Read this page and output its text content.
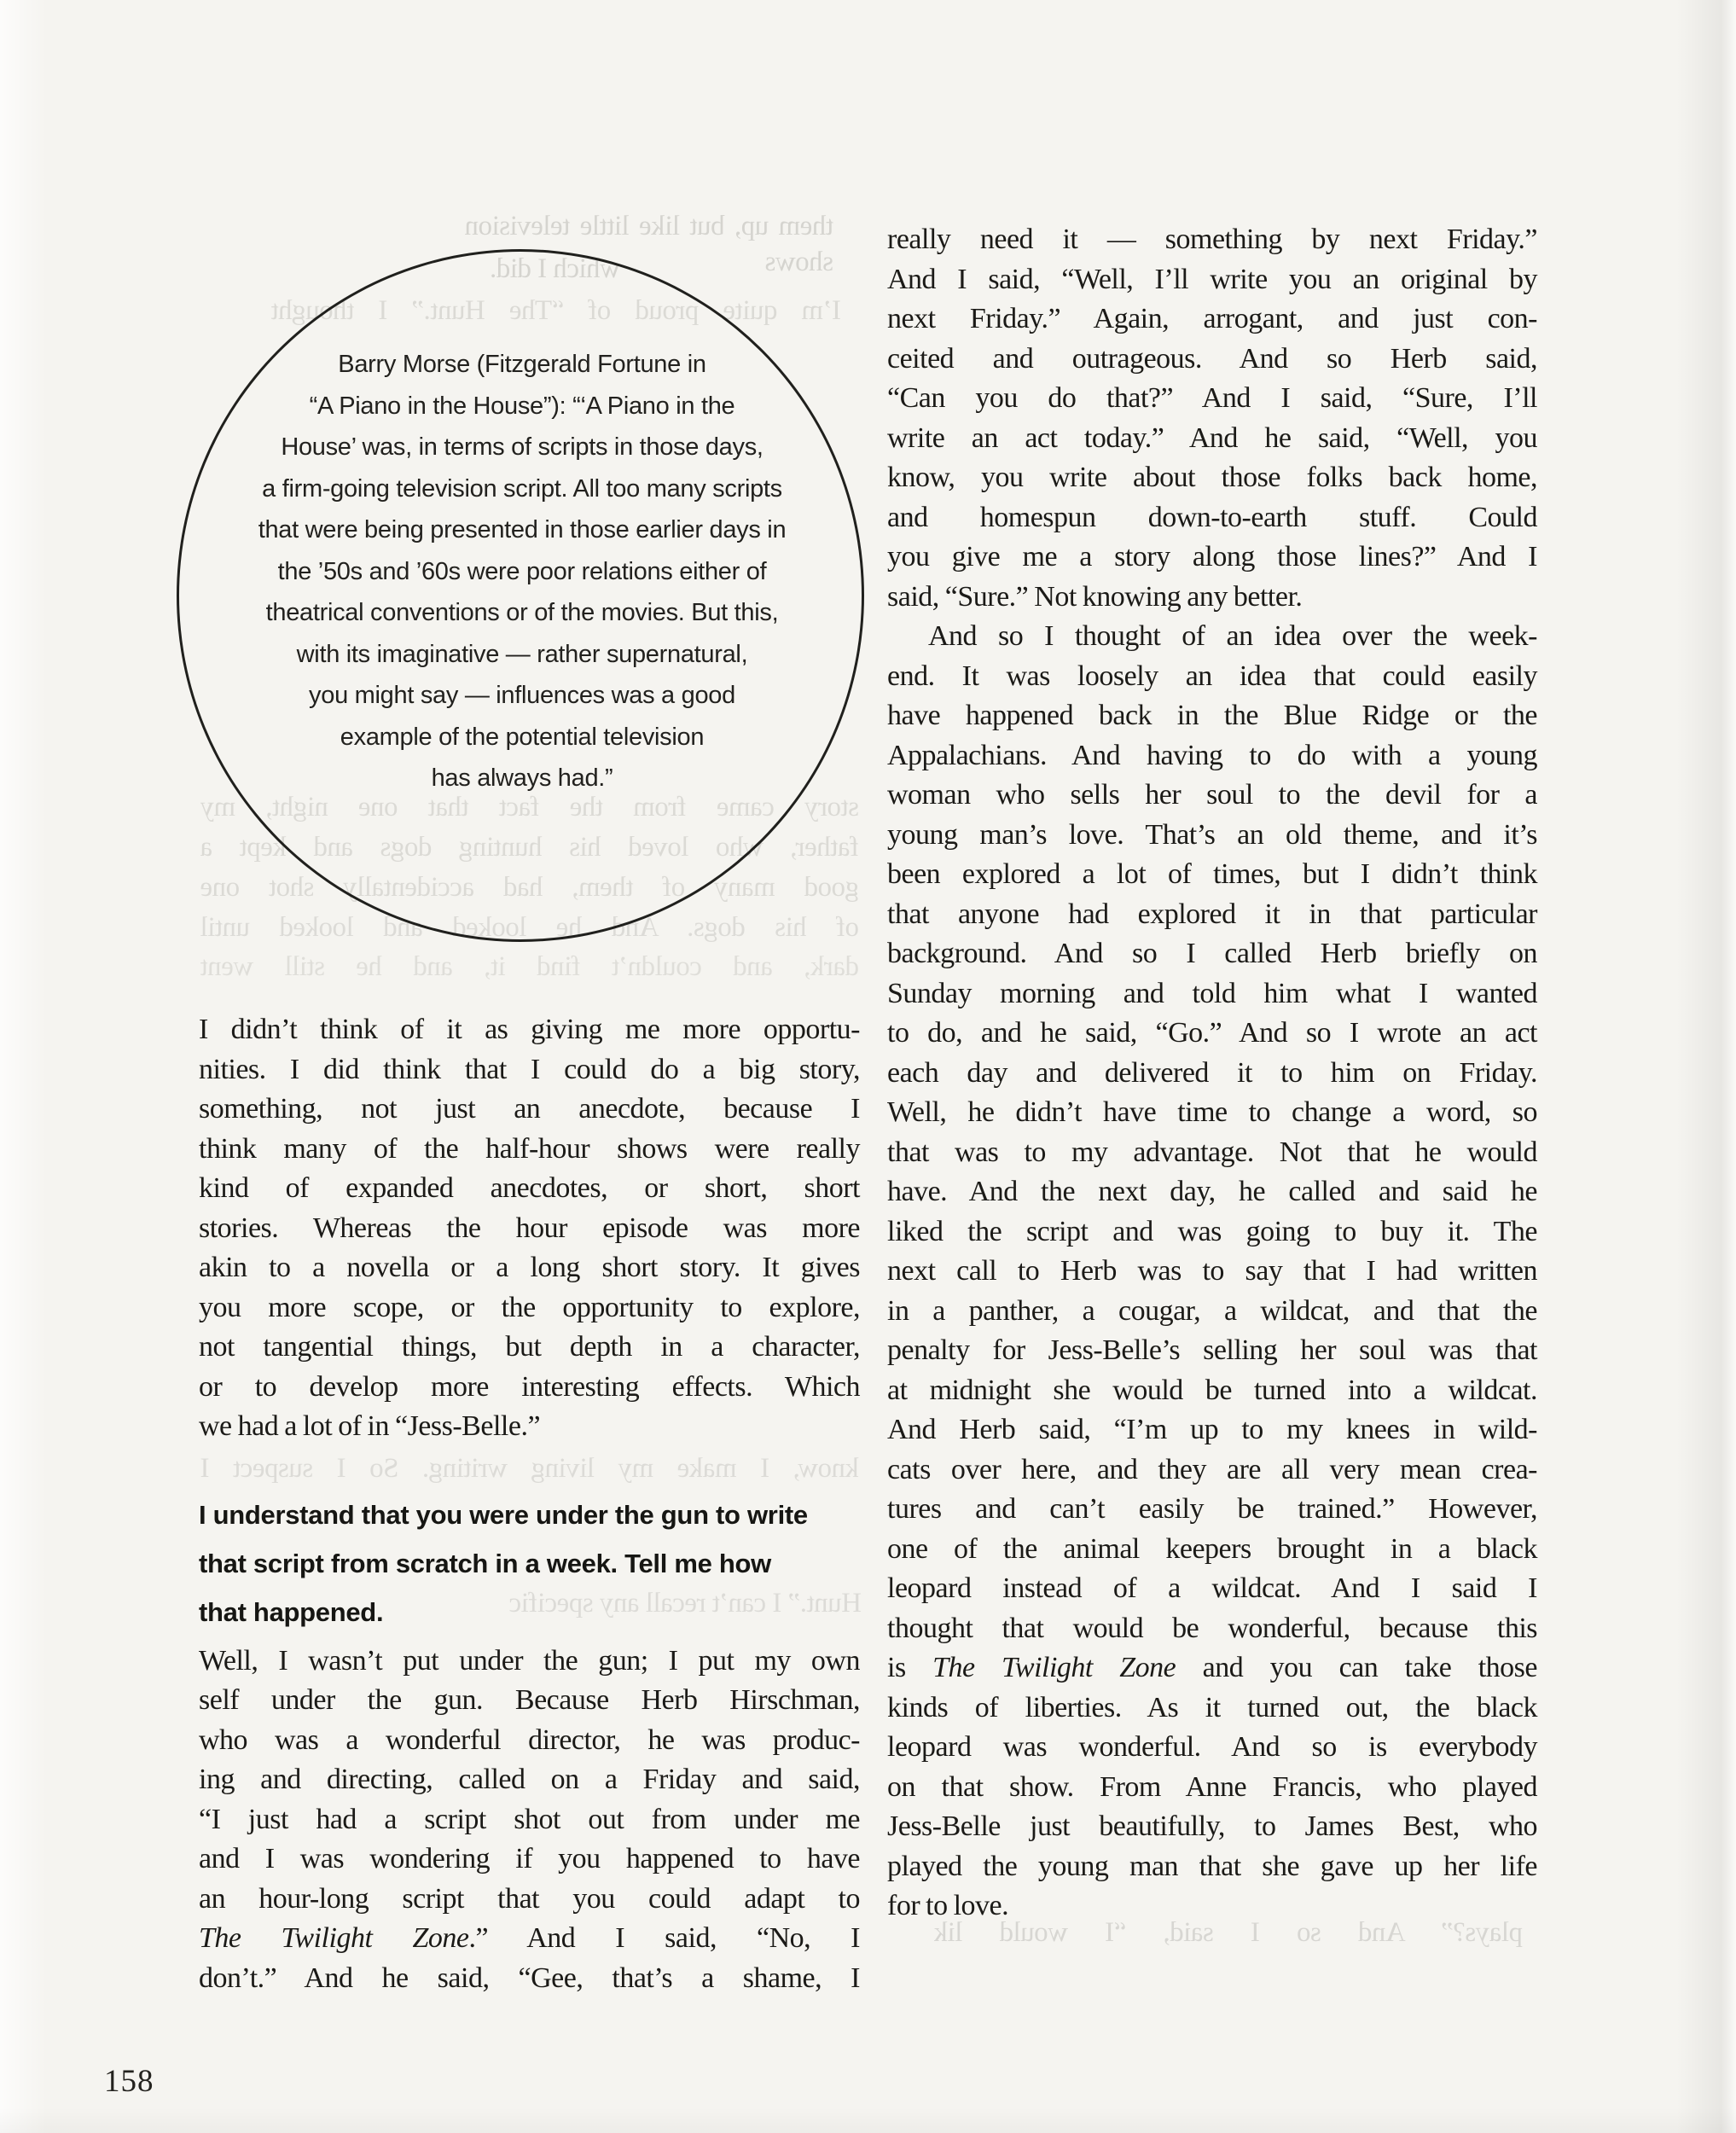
them up, but like little television shows
which I did.
I’m quite proud of “The Hunt.” I thought
story came from the fact that one night, my
father, who loved his hunting dogs and kept a
good many of them, had accidentally shot one
of his dogs. And he looked and looked until
dark, and couldn’t find it, and he still went
know, I make my living writing. So I suspect I
Hunt.” I can’t recall any specific
plays?” And so I said, “I would lik
Barry Morse (Fitzgerald Fortune in
“A Piano in the House”): “‘A Piano in the
House’ was, in terms of scripts in those days,
a firm-going television script. All too many scripts
that were being presented in those earlier days in
the ’50s and ’60s were poor relations either of
theatrical conventions or of the movies. But this,
with its imaginative — rather supernatural,
you might say — influences was a good
example of the potential television
has always had.”
I didn’t think of it as giving me more opportu-
nities. I did think that I could do a big story,
something, not just an anecdote, because I
think many of the half-hour shows were really
kind of expanded anecdotes, or short, short
stories. Whereas the hour episode was more
akin to a novella or a long short story. It gives
you more scope, or the opportunity to explore,
not tangential things, but depth in a character,
or to develop more interesting effects. Which
we had a lot of in “Jess-Belle.”
I understand that you were under the gun to write
that script from scratch in a week. Tell me how
that happened.
Well, I wasn’t put under the gun; I put my own
self under the gun. Because Herb Hirschman,
who was a wonderful director, he was produc-
ing and directing, called on a Friday and said,
“I just had a script shot out from under me
and I was wondering if you happened to have
an hour-long script that you could adapt to
The Twilight Zone.” And I said, “No, I
don’t.” And he said, “Gee, that’s a shame, I
really need it — something by next Friday.”
And I said, “Well, I’ll write you an original by
next Friday.” Again, arrogant, and just con-
ceited and outrageous. And so Herb said,
“Can you do that?” And I said, “Sure, I’ll
write an act today.” And he said, “Well, you
know, you write about those folks back home,
and homespun down-to-earth stuff. Could
you give me a story along those lines?” And I
said, “Sure.” Not knowing any better.
And so I thought of an idea over the week-
end. It was loosely an idea that could easily
have happened back in the Blue Ridge or the
Appalachians. And having to do with a young
woman who sells her soul to the devil for a
young man’s love. That’s an old theme, and it’s
been explored a lot of times, but I didn’t think
that anyone had explored it in that particular
background. And so I called Herb briefly on
Sunday morning and told him what I wanted
to do, and he said, “Go.” And so I wrote an act
each day and delivered it to him on Friday.
Well, he didn’t have time to change a word, so
that was to my advantage. Not that he would
have. And the next day, he called and said he
liked the script and was going to buy it. The
next call to Herb was to say that I had written
in a panther, a cougar, a wildcat, and that the
penalty for Jess-Belle’s selling her soul was that
at midnight she would be turned into a wildcat.
And Herb said, “I’m up to my knees in wild-
cats over here, and they are all very mean crea-
tures and can’t easily be trained.” However,
one of the animal keepers brought in a black
leopard instead of a wildcat. And I said I
thought that would be wonderful, because this
is The Twilight Zone and you can take those
kinds of liberties. As it turned out, the black
leopard was wonderful. And so is everybody
on that show. From Anne Francis, who played
Jess-Belle just beautifully, to James Best, who
played the young man that she gave up her life
for to love.
158
